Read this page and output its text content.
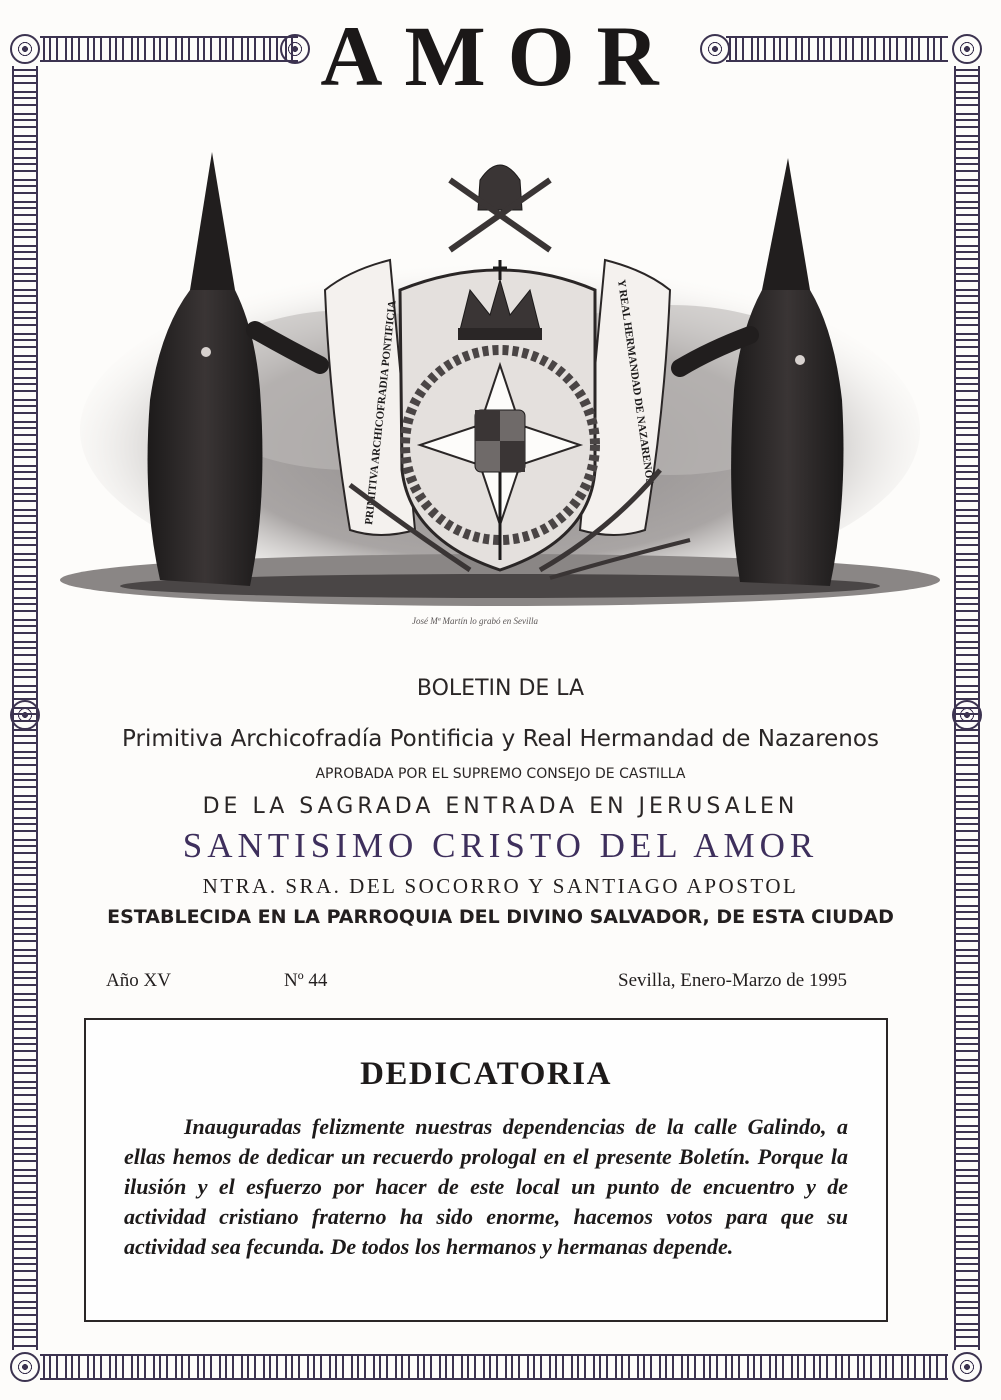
AMOR
PRIMITIVA ARCHICOFRADIA PONTIFICIA	Y REAL HERMANDAD DE NAZARENOS
José Mª Martín lo grabó en Sevilla
BOLETIN DE LA
Primitiva Archicofradía Pontificia y Real Hermandad de Nazarenos
APROBADA POR EL SUPREMO CONSEJO DE CASTILLA
DE LA SAGRADA ENTRADA EN JERUSALEN
SANTISIMO CRISTO DEL AMOR
NTRA. SRA. DEL SOCORRO Y SANTIAGO APOSTOL
ESTABLECIDA EN LA PARROQUIA DEL DIVINO SALVADOR, DE ESTA CIUDAD
Año XV	Nº 44	Sevilla, Enero-Marzo de 1995
DEDICATORIA
Inauguradas felizmente nuestras dependencias de la calle Galindo, a ellas hemos de dedicar un recuerdo prologal en el presente Boletín. Porque la ilusión y el esfuerzo por hacer de este local un punto de encuentro y de actividad cristiano fraterno ha sido enorme, hacemos votos para que su actividad sea fecunda. De todos los hermanos y hermanas depende.
